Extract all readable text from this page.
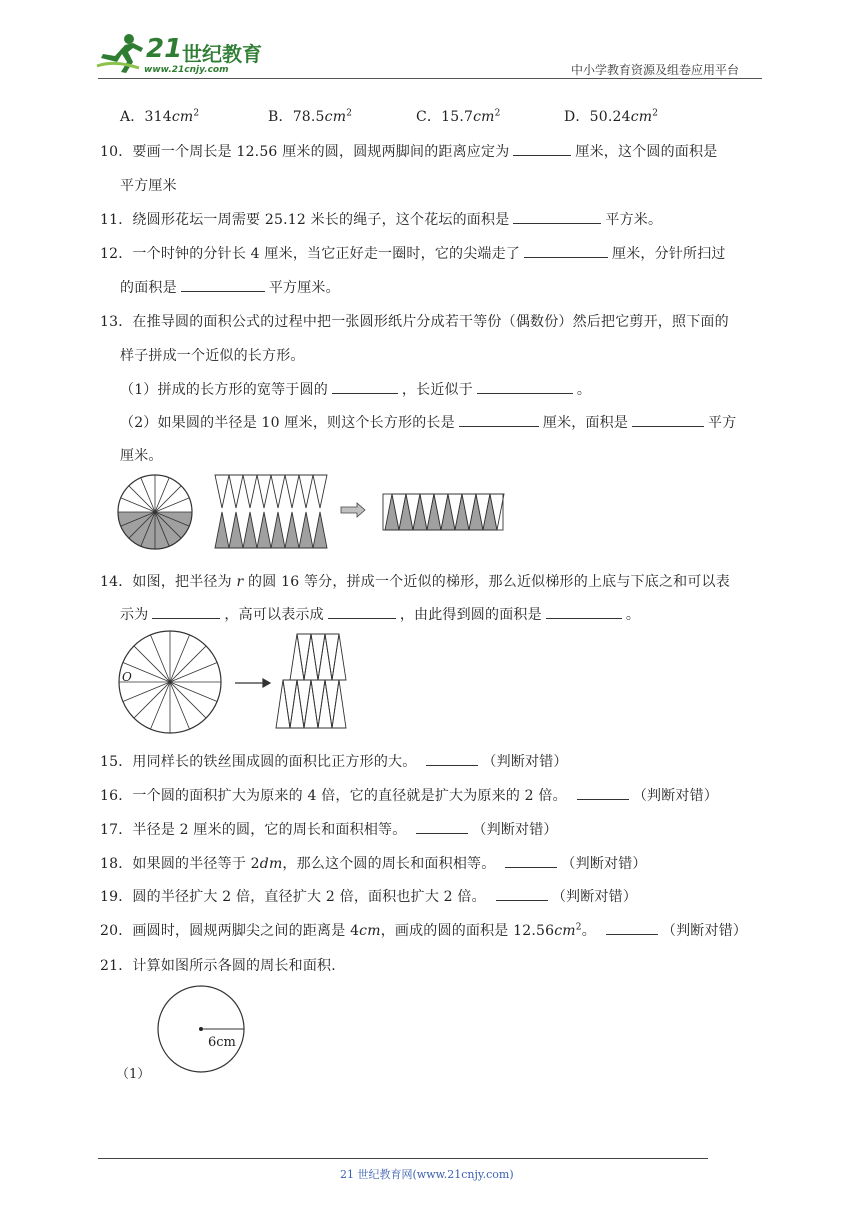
21 世纪教育
www.21cnjy.com	中小学教育资源及组卷应用平台
A．$314cm^2$	B．$78.5cm^2$	C．$15.7cm^2$	D．$50.24cm^2$
10．要画一个周长是 12.56 厘米的圆，圆规两脚间的距离应定为	厘米，这个圆的面积是
平方厘米
11．绕圆形花坛一周需要 25.12 米长的绳子，这个花坛的面积是	平方米。
12．一个时钟的分针长 4 厘米，当它正好走一圈时，它的尖端走了	厘米，分针所扫过
的面积是	平方厘米。
13．在推导圆的面积公式的过程中把一张圆形纸片分成若干等份（偶数份）然后把它剪开，照下面的
样子拼成一个近似的长方形。
（1）拼成的长方形的宽等于圆的	，长近似于	。
（2）如果圆的半径是 10 厘米，则这个长方形的长是	厘米，面积是	平方
厘米。
14．如图，把半径为 r 的圆 16 等分，拼成一个近似的梯形，那么近似梯形的上底与下底之和可以表
示为	，高可以表示成	，由此得到圆的面积是	。
O
15．用同样长的铁丝围成圆的面积比正方形的大。	（判断对错）
16．一个圆的面积扩大为原来的 4 倍，它的直径就是扩大为原来的 2 倍。	（判断对错）
17．半径是 2 厘米的圆，它的周长和面积相等。	（判断对错）
18．如果圆的半径等于 2dm，那么这个圆的周长和面积相等。	（判断对错）
19．圆的半径扩大 2 倍，直径扩大 2 倍，面积也扩大 2 倍。	（判断对错）
20．画圆时，圆规两脚尖之间的距离是 4cm，画成的圆的面积是 $12.56cm^2$。	（判断对错）
21．计算如图所示各圆的周长和面积.
6cm
（1）
21 世纪教育网(www.21cnjy.com)
